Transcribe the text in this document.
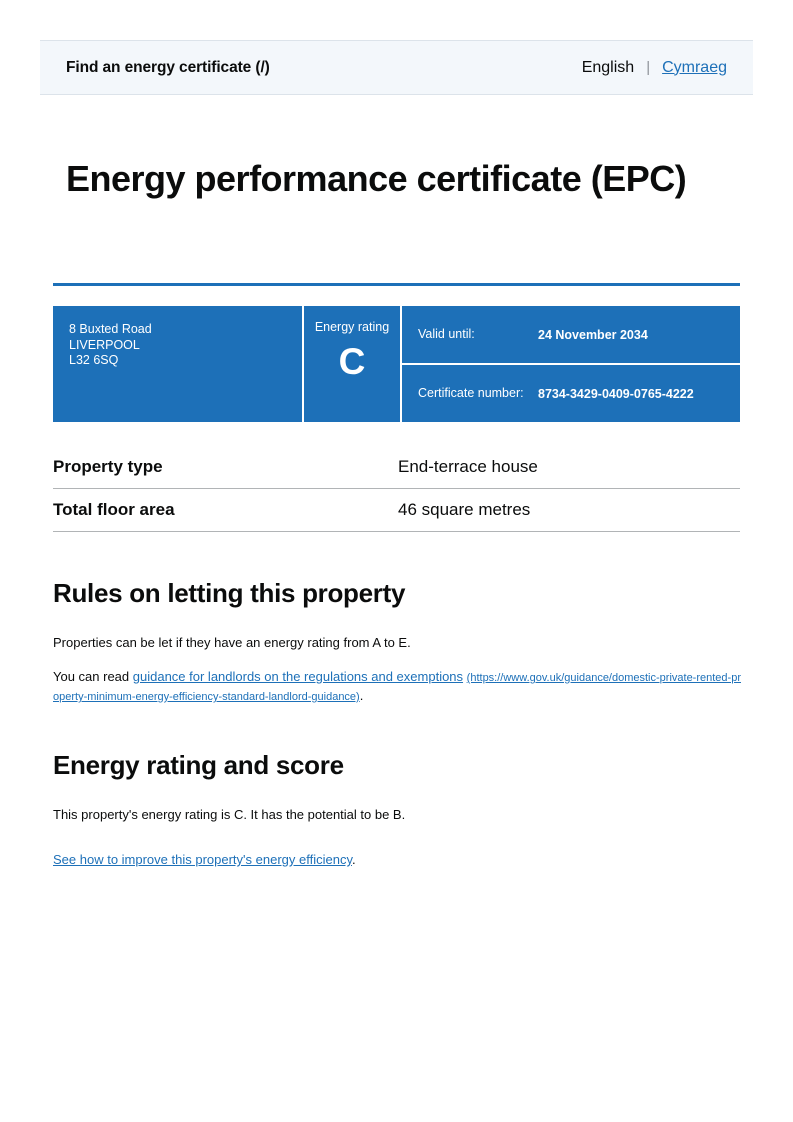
Find an energy certificate (/)	English | Cymraeg
Energy performance certificate (EPC)
8 Buxted Road
LIVERPOOL
L32 6SQ
Energy rating
C
Valid until:	24 November 2034
Certificate number:	8734-3429-0409-0765-4222
Property type	End-terrace house
Total floor area	46 square metres
Rules on letting this property

Properties can be let if they have an energy rating from A to E.

You can read guidance for landlords on the regulations and exemptions (https://www.gov.uk/guidance/domestic-private-rented-property-minimum-energy-efficiency-standard-landlord-guidance).

Energy rating and score

This property's energy rating is C. It has the potential to be B.

See how to improve this property's energy efficiency.
